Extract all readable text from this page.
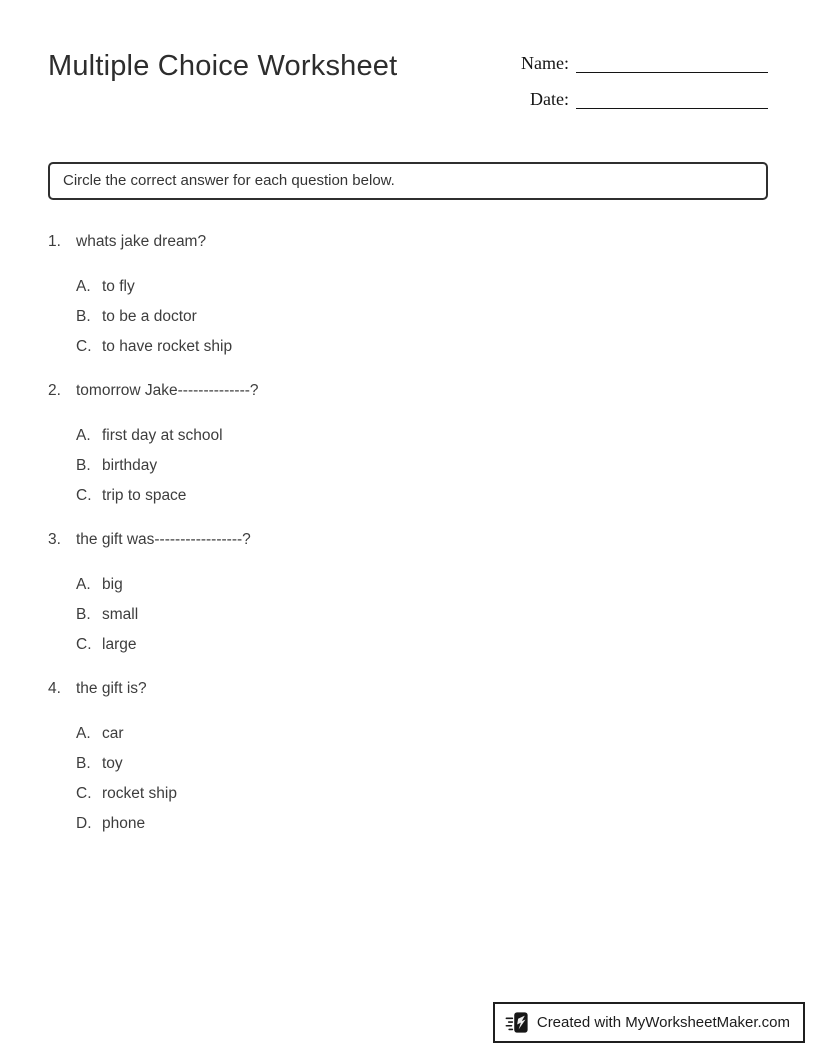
Multiple Choice Worksheet	Name:
Date:
Circle the correct answer for each question below.
1. whats jake dream?
A. to fly
B. to be a doctor
C. to have rocket ship
2. tomorrow Jake--------------?
A. first day at school
B. birthday
C. trip to space
3. the gift was-----------------?
A. big
B. small
C. large
4. the gift is?
A. car
B. toy
C. rocket ship
D. phone
Created with MyWorksheetMaker.com
